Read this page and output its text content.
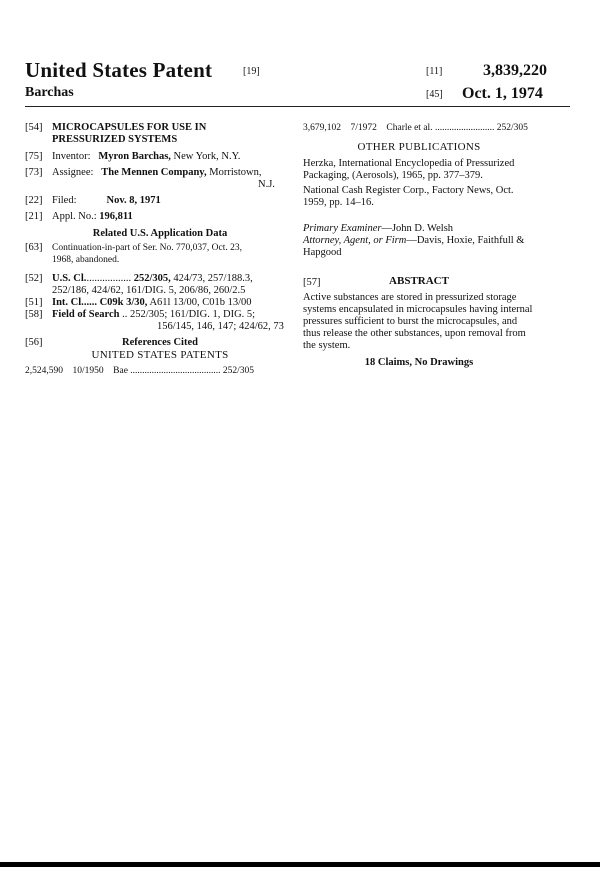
United States Patent	[19]
Barchas
[11]	3,839,220
[45] Oct. 1, 1974
[54] MICROCAPSULES FOR USE IN
PRESSURIZED SYSTEMS
[75] Inventor: Myron Barchas, New York, N.Y.
[73] Assignee: The Mennen Company, Morristown,
N.J.
[22] Filed:	Nov. 8, 1971
[21] Appl. No.: 196,811
Related U.S. Application Data
[63] Continuation-in-part of Ser. No. 770,037, Oct. 23,
1968, abandoned.
[52] U.S. Cl.................. 252/305, 424/73, 257/188.3,
252/186, 424/62, 161/DIG. 5, 206/86, 260/2.5
[51] Int. Cl...... C09k 3/30, A61l 13/00, C01b 13/00
[58] Field of Search .. 252/305; 161/DIG. 1, DIG. 5;
156/145, 146, 147; 424/62, 73
[56]	References Cited
UNITED STATES PATENTS
2,524,590 10/1950 Bae ...................................... 252/305
3,679,102 7/1972 Charle et al. ......................... 252/305
OTHER PUBLICATIONS
Herzka, International Encyclopedia of Pressurized
Packaging, (Aerosols), 1965, pp. 377–379.
National Cash Register Corp., Factory News, Oct.
1959, pp. 14–16.
Primary Examiner—John D. Welsh
Attorney, Agent, or Firm—Davis, Hoxie, Faithfull &
Hapgood
[57]	ABSTRACT
Active substances are stored in pressurized storage
systems encapsulated in microcapsules having internal
pressures sufficient to burst the microcapsules, and
thus release the other substances, upon removal from
the system.
18 Claims, No Drawings
